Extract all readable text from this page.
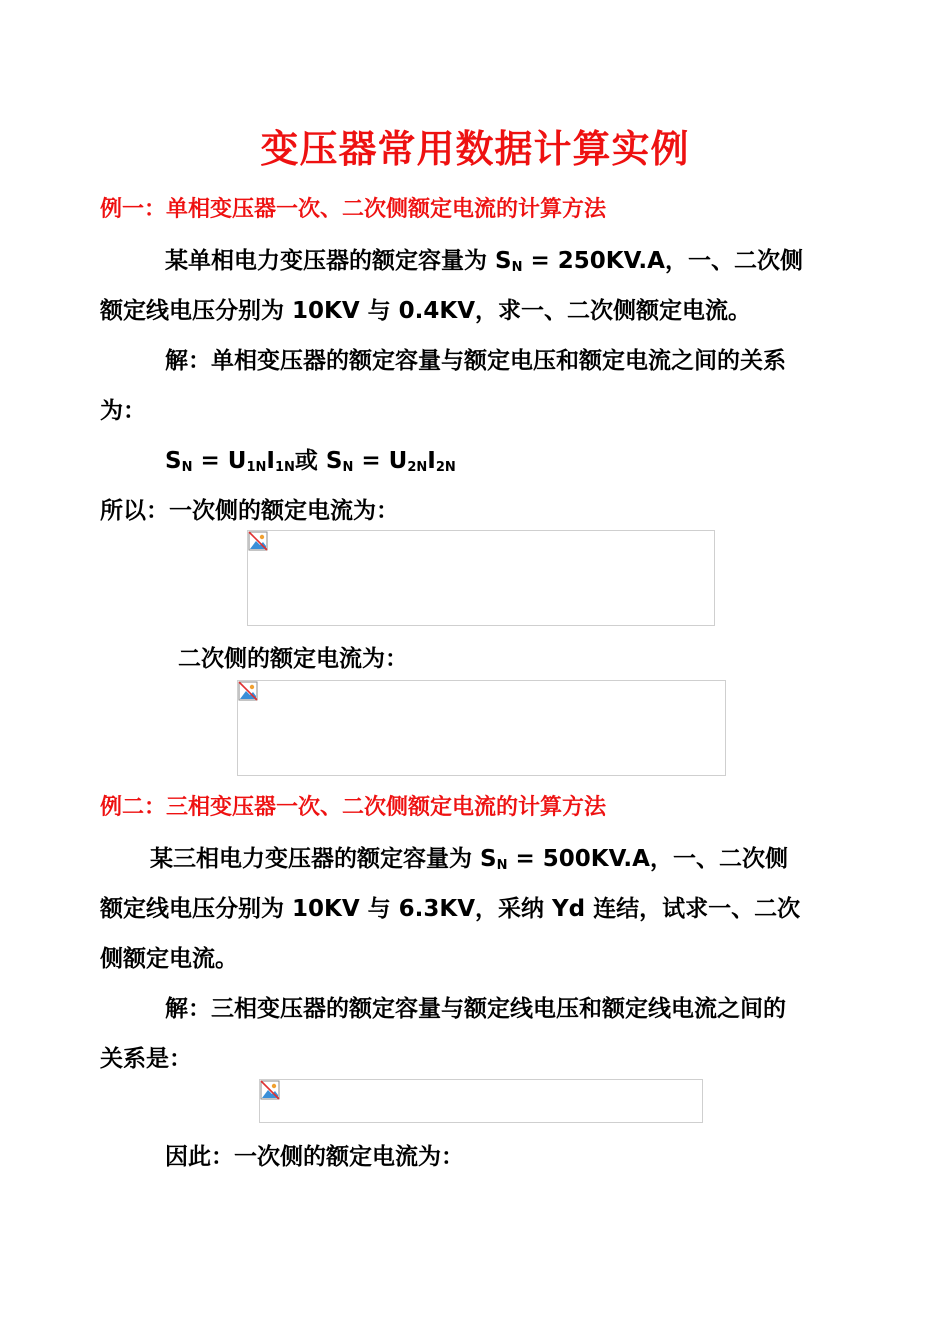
变压器常用数据计算实例
例一：单相变压器一次、二次侧额定电流的计算方法
某单相电力变压器的额定容量为 $S_N = 250KV.A$，一、二次侧
额定线电压分别为 10KV 与 0.4KV，求一、二次侧额定电流。
解：单相变压器的额定容量与额定电压和额定电流之间的关系
为：
$S_N = U_{1N}I_{1N}$或 $S_N = U_{2N}I_{2N}$
所以：一次侧的额定电流为：
二次侧的额定电流为：
例二：三相变压器一次、二次侧额定电流的计算方法
某三相电力变压器的额定容量为 $S_N = 500KV.A$，一、二次侧
额定线电压分别为 10KV 与 6.3KV，采纳 Yd 连结，试求一、二次
侧额定电流。
解：三相变压器的额定容量与额定线电压和额定线电流之间的
关系是：
因此：一次侧的额定电流为：
